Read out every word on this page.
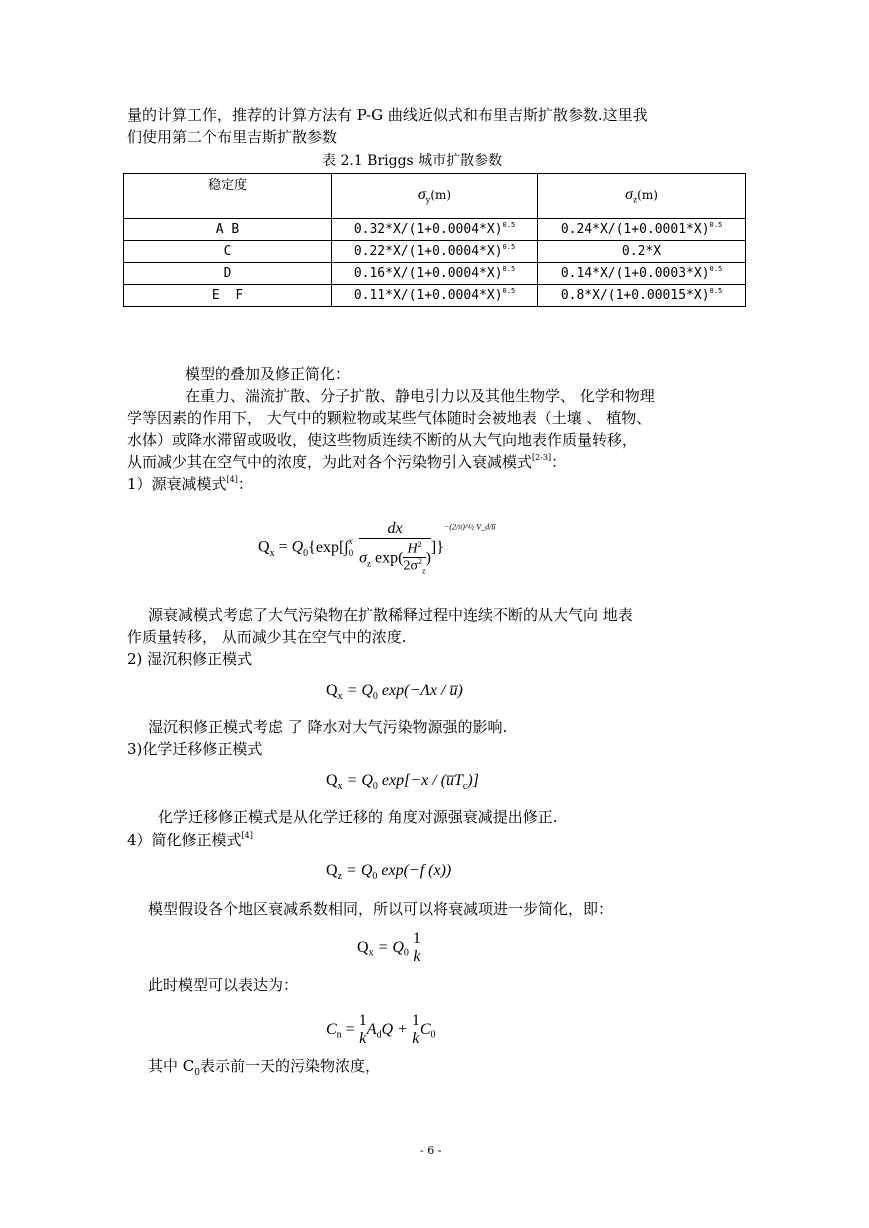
量的计算工作，推荐的计算方法有 P-G 曲线近似式和布里吉斯扩散参数.这里我
们使用第二个布里吉斯扩散参数
表 2.1 Briggs 城市扩散参数
稳定度	$\sigma_y(m)$	$\sigma_z(m)$

A B	$0.32*X/(1+0.0004*X)^{0.5}$	$0.24*X/(1+0.0001*X)^{0.5}$
C	$0.22*X/(1+0.0004*X)^{0.5}$	0.2*X
D	$0.16*X/(1+0.0004*X)^{0.5}$	$0.14*X/(1+0.0003*X)^{0.5}$
E  F	$0.11*X/(1+0.0004*X)^{0.5}$	$0.8*X/(1+0.00015*X)^{0.5}$
模型的叠加及修正简化：
在重力、湍流扩散、分子扩散、静电引力以及其他生物学、 化学和物理
学等因素的作用下， 大气中的颗粒物或某些气体随时会被地表（土壤 、 植物、
水体）或降水滞留或吸收，使这些物质连续不断的从大气向地表作质量转移，
从而减少其在空气中的浓度，为此对各个污染物引入衰减模式[2-3]：
1）源衰减模式[4]：
$Q_x = Q_0\{\exp[\int$ x
$0 \frac{dx}{\sigma_z \exp( \frac{H^2}{2\sigma^2_z} )} ]\}^{-(2/\pi)\^{}\frac{1}{2} V\_d/u̅}$
源衰减模式考虑了大气污染物在扩散稀释过程中连续不断的从大气向 地表
作质量转移， 从而减少其在空气中的浓度.
2) 湿沉积修正模式
$Q_x = Q_0$ exp(−Λx / u̅)
湿沉积修正模式考虑 了 降水对大气污染物源强的影响.
3)化学迁移修正模式
$Q_x = Q_0$ $\exp[-x / (u̅T_c)]$
化学迁移修正模式是从化学迁移的 角度对源强衰减提出修正.
4）简化修正模式[4]
$Q_z = Q_0$ exp(−f (x))
模型假设各个地区衰减系数相同，所以可以将衰减项进一步简化，即：
$Q_x = Q_0$
1
k
此时模型可以表达为：
$C_n$ =
1
$kA_dQ$ +
1
$kC_0$
其中 $C_0$表示前一天的污染物浓度，
- 6 -
